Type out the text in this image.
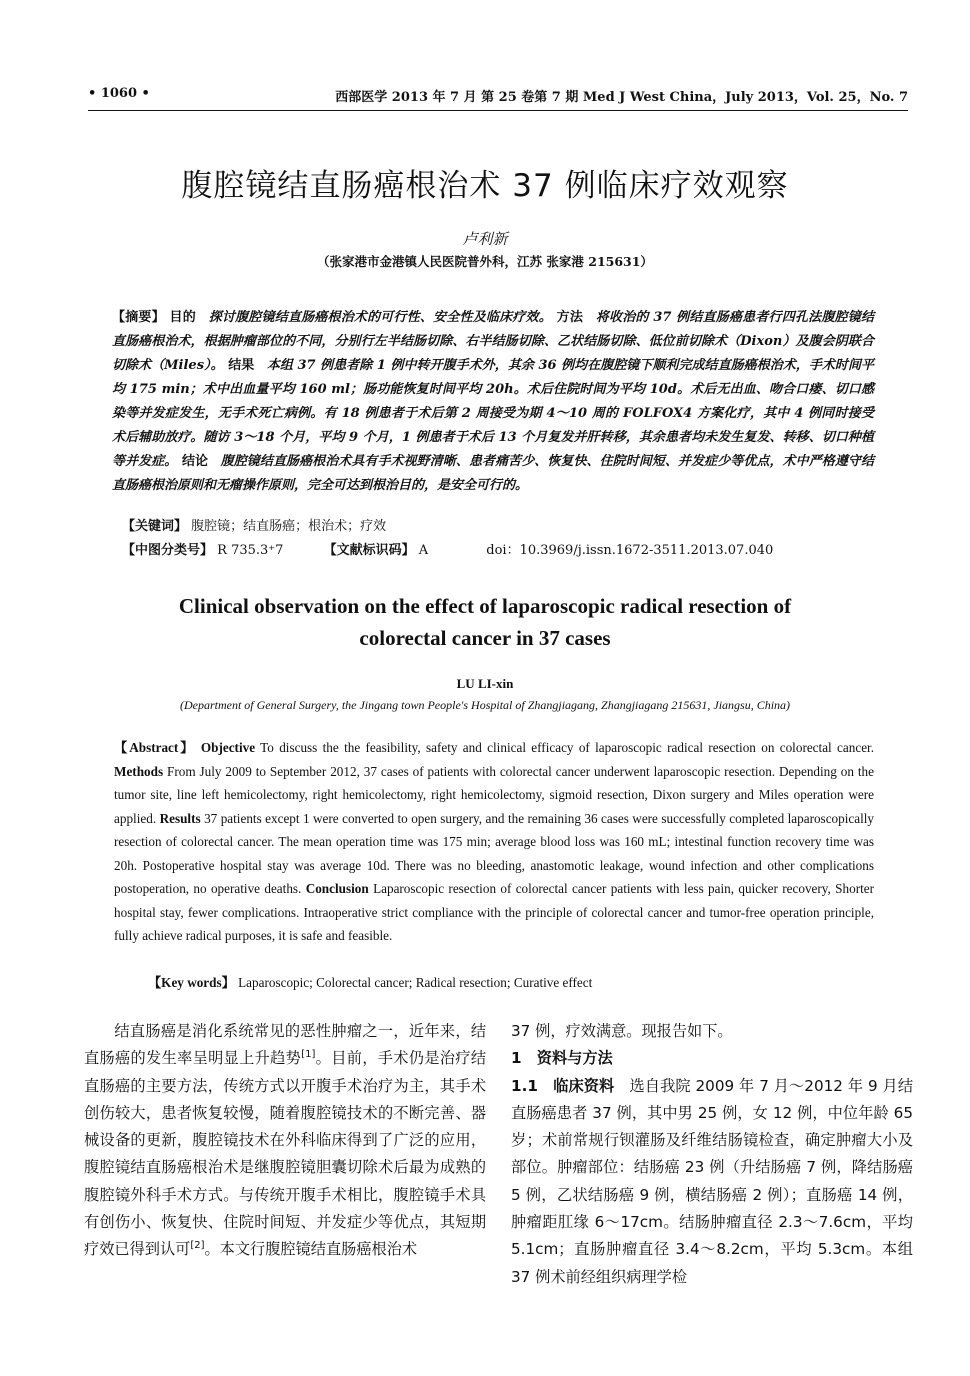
• 1060 •	西部医学 2013 年 7 月 第 25 卷第 7 期 Med J West China，July 2013，Vol. 25，No. 7
腹腔镜结直肠癌根治术 37 例临床疗效观察
卢利新
（张家港市金港镇人民医院普外科，江苏 张家港 215631）
【摘要】 目的 探讨腹腔镜结直肠癌根治术的可行性、安全性及临床疗效。 方法 将收治的 37 例结直肠癌患者行四孔法腹腔镜结直肠癌根治术，根据肿瘤部位的不同，分别行左半结肠切除、右半结肠切除、乙状结肠切除、低位前切除术（Dixon）及腹会阴联合切除术（Miles）。 结果 本组 37 例患者除 1 例中转开腹手术外，其余 36 例均在腹腔镜下顺利完成结直肠癌根治术，手术时间平均 175 min；术中出血量平均 160 ml；肠功能恢复时间平均 20h。术后住院时间为平均 10d。术后无出血、吻合口瘘、切口感染等并发症发生，无手术死亡病例。有 18 例患者于术后第 2 周接受为期 4～10 周的 FOLFOX4 方案化疗，其中 4 例同时接受术后辅助放疗。随访 3～18 个月，平均 9 个月，1 例患者于术后 13 个月复发并肝转移，其余患者均未发生复发、转移、切口种植等并发症。 结论 腹腔镜结直肠癌根治术具有手术视野清晰、患者痛苦少、恢复快、住院时间短、并发症少等优点，术中严格遵守结直肠癌根治原则和无瘤操作原则，完全可达到根治目的，是安全可行的。
【关键词】 腹腔镜；结直肠癌；根治术；疗效
【中图分类号】 R 735.3⁺7	【文献标识码】 A	doi：10.3969/j.issn.1672-3511.2013.07.040
Clinical observation on the effect of laparoscopic radical resection of
colorectal cancer in 37 cases
LU LI-xin
(Department of General Surgery, the Jingang town People's Hospital of Zhangjiagang, Zhangjiagang 215631, Jiangsu, China)
【Abstract】 Objective To discuss the the feasibility, safety and clinical efficacy of laparoscopic radical resection on colorectal cancer. Methods From July 2009 to September 2012, 37 cases of patients with colorectal cancer underwent laparoscopic resection. Depending on the tumor site, line left hemicolectomy, right hemicolectomy, right hemicolectomy, sigmoid resection, Dixon surgery and Miles operation were applied. Results 37 patients except 1 were converted to open surgery, and the remaining 36 cases were successfully completed laparoscopically resection of colorectal cancer. The mean operation time was 175 min; average blood loss was 160 mL; intestinal function recovery time was 20h. Postoperative hospital stay was average 10d. There was no bleeding, anastomotic leakage, wound infection and other complications postoperation, no operative deaths. Conclusion Laparoscopic resection of colorectal cancer patients with less pain, quicker recovery, Shorter hospital stay, fewer complications. Intraoperative strict compliance with the principle of colorectal cancer and tumor-free operation principle, fully achieve radical purposes, it is safe and feasible.
【Key words】 Laparoscopic; Colorectal cancer; Radical resection; Curative effect

结直肠癌是消化系统常见的恶性肿瘤之一，近年来，结直肠癌的发生率呈明显上升趋势[1]。目前，手术仍是治疗结直肠癌的主要方法，传统方式以开腹手术治疗为主，其手术创伤较大，患者恢复较慢，随着腹腔镜技术的不断完善、器械设备的更新，腹腔镜技术在外科临床得到了广泛的应用，腹腔镜结直肠癌根治术是继腹腔镜胆囊切除术后最为成熟的腹腔镜外科手术方式。与传统开腹手术相比，腹腔镜手术具有创伤小、恢复快、住院时间短、并发症少等优点，其短期疗效已得到认可[2]。本文行腹腔镜结直肠癌根治术

37 例，疗效满意。现报告如下。

1　资料与方法

1.1　临床资料　 选自我院 2009 年 7 月～2012 年 9 月结直肠癌患者 37 例，其中男 25 例，女 12 例，中位年龄 65 岁；术前常规行钡灌肠及纤维结肠镜检查，确定肿瘤大小及部位。肿瘤部位：结肠癌 23 例（升结肠癌 7 例，降结肠癌 5 例，乙状结肠癌 9 例，横结肠癌 2 例）；直肠癌 14 例，肿瘤距肛缘 6～17cm。结肠肿瘤直径 2.3～7.6cm，平均 5.1cm；直肠肿瘤直径 3.4～8.2cm，平均 5.3cm。本组 37 例术前经组织病理学检
